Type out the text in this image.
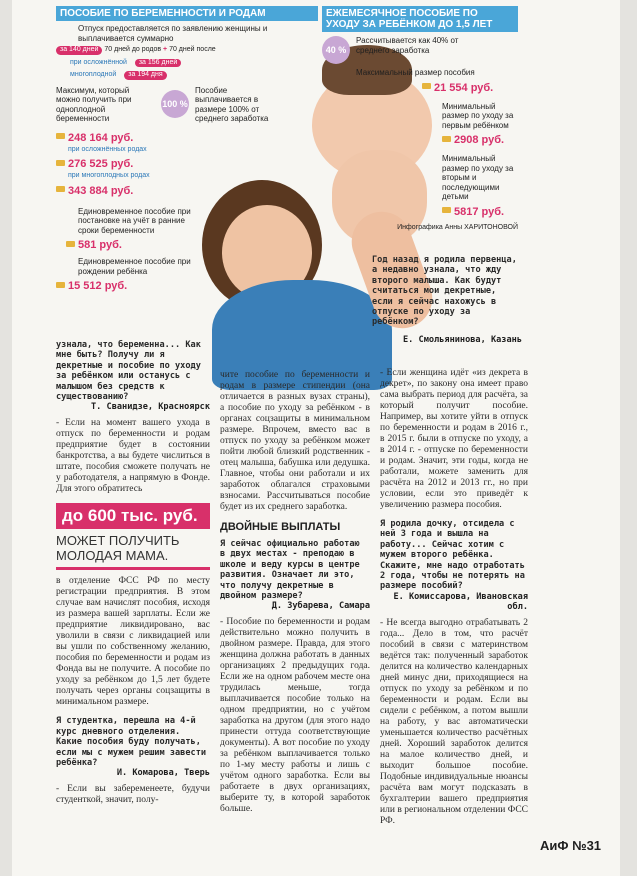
ПОСОБИЕ ПО БЕРЕМЕННОСТИ И РОДАМ
Отпуск предоставляется по заявлению женщины и выплачивается суммарно
за 140 дней 70 дней до родов + 70 дней после
при осложнённой за 156 дней
многоплодной за 194 дня
Максимум, который можно получить при одноплодной беременности
100 %
Пособие выплачивается в размере 100% от среднего заработка
248 164 руб.
при осложнённых родах
276 525 руб.
при многоплодных родах
343 884 руб.
Единовременное пособие при постановке на учёт в ранние сроки беременности
581 руб.
Единовременное пособие при рождении ребёнка
15 512 руб.
ЕЖЕМЕСЯЧНОЕ ПОСОБИЕ ПО УХОДУ ЗА РЕБЁНКОМ ДО 1,5 ЛЕТ
40 %
Рассчитывается как 40% от среднего заработка
Максимальный размер пособия
21 554 руб.
Минимальный размер по уходу за первым ребёнком
2908 руб.
Минимальный размер по уходу за вторым и последующими детьми
5817 руб.
Инфографика Анны ХАРИТОНОВОЙ
Год назад я родила первенца, а недавно узнала, что жду второго малыша. Как будут считаться мои декретные, если я сейчас нахожусь в отпуске по уходу за ребёнком?
Е. Смольянинова, Казань
узнала, что беременна... Как мне быть? Получу ли я декретные и пособие по уходу за ребёнком или останусь с малышом без средств к существованию?
Т. Сванидзе, Красноярск
- Если на момент вашего ухода в отпуск по беременности и родам предприятие будет в состоянии банкротства, а вы будете числиться в штате, пособия сможете получать не у работодателя, а напрямую в Фонде. Для этого обратитесь
до 600 тыс. руб.
МОЖЕТ ПОЛУЧИТЬ МОЛОДАЯ МАМА.
в отделение ФСС РФ по месту регистрации предприятия. В этом случае вам начислят пособия, исходя из размера вашей зарплаты. Если же предприятие ликвидировано, вас уволили в связи с ликвидацией или вы ушли по собственному желанию, пособия по беременности и родам из Фонда вы не получите. А пособие по уходу за ребёнком до 1,5 лет будете получать через органы соцзащиты в минимальном размере.
Я студентка, перешла на 4-й курс дневного отделения. Какие пособия буду получать, если мы с мужем решим завести ребёнка?
И. Комарова, Тверь
- Если вы забеременеете, будучи студенткой, значит, полу-
чите пособие по беременности и родам в размере стипендии (она отличается в разных вузах страны), а пособие по уходу за ребёнком - в органах соцзащиты в минимальном размере. Впрочем, вместо вас в отпуск по уходу за ребёнком может пойти любой близкий родственник - отец малыша, бабушка или дедушка. Главное, чтобы они работали и их заработок облагался страховыми взносами. Рассчитываться пособие будет из их среднего заработка.
ДВОЙНЫЕ ВЫПЛАТЫ
Я сейчас официально работаю в двух местах - преподаю в школе и веду курсы в центре развития. Означает ли это, что получу декретные в двойном размере?
Д. Зубарева, Самара
- Пособие по беременности и родам действительно можно получить в двойном размере. Правда, для этого женщина должна работать в данных организациях 2 предыдущих года. Если же на одном рабочем месте она трудилась меньше, тогда выплачивается пособие только на одном предприятии, но с учётом заработка на другом (для этого надо принести оттуда соответствующие документы). А вот пособие по уходу за ребёнком выплачивается только по 1-му месту работы и лишь с учётом одного заработка. Если вы работаете в двух организациях, выберите ту, в которой заработок больше.
- Если женщина идёт «из декрета в декрет», по закону она имеет право сама выбрать период для расчёта, за который получит пособие. Например, вы хотите уйти в отпуск по беременности и родам в 2016 г., в 2015 г. были в отпуске по уходу, а в 2014 г. - отпуске по беременности и родам. Значит, эти годы, когда не работали, можете заменить для расчёта на 2012 и 2013 гг., но при условии, если это приведёт к увеличению размера пособия.
Я родила дочку, отсидела с ней 3 года и вышла на работу... Сейчас хотим с мужем второго ребёнка. Скажите, мне надо отработать 2 года, чтобы не потерять на размере пособий?
Е. Комиссарова, Ивановская обл.
- Не всегда выгодно отрабатывать 2 года... Дело в том, что расчёт пособий в связи с материнством ведётся так: полученный заработок делится на количество календарных дней минус дни, приходящиеся на отпуск по уходу за ребёнком и по беременности и родам. Если вы сидели с ребёнком, а потом вышли на работу, у вас автоматически уменьшается количество расчётных дней. Хороший заработок делится на малое количество дней, и выходит большое пособие. Подобные индивидуальные нюансы расчёта вам могут подсказать в бухгалтерии вашего предприятия или в региональном отделении ФСС РФ.
АиФ №31
